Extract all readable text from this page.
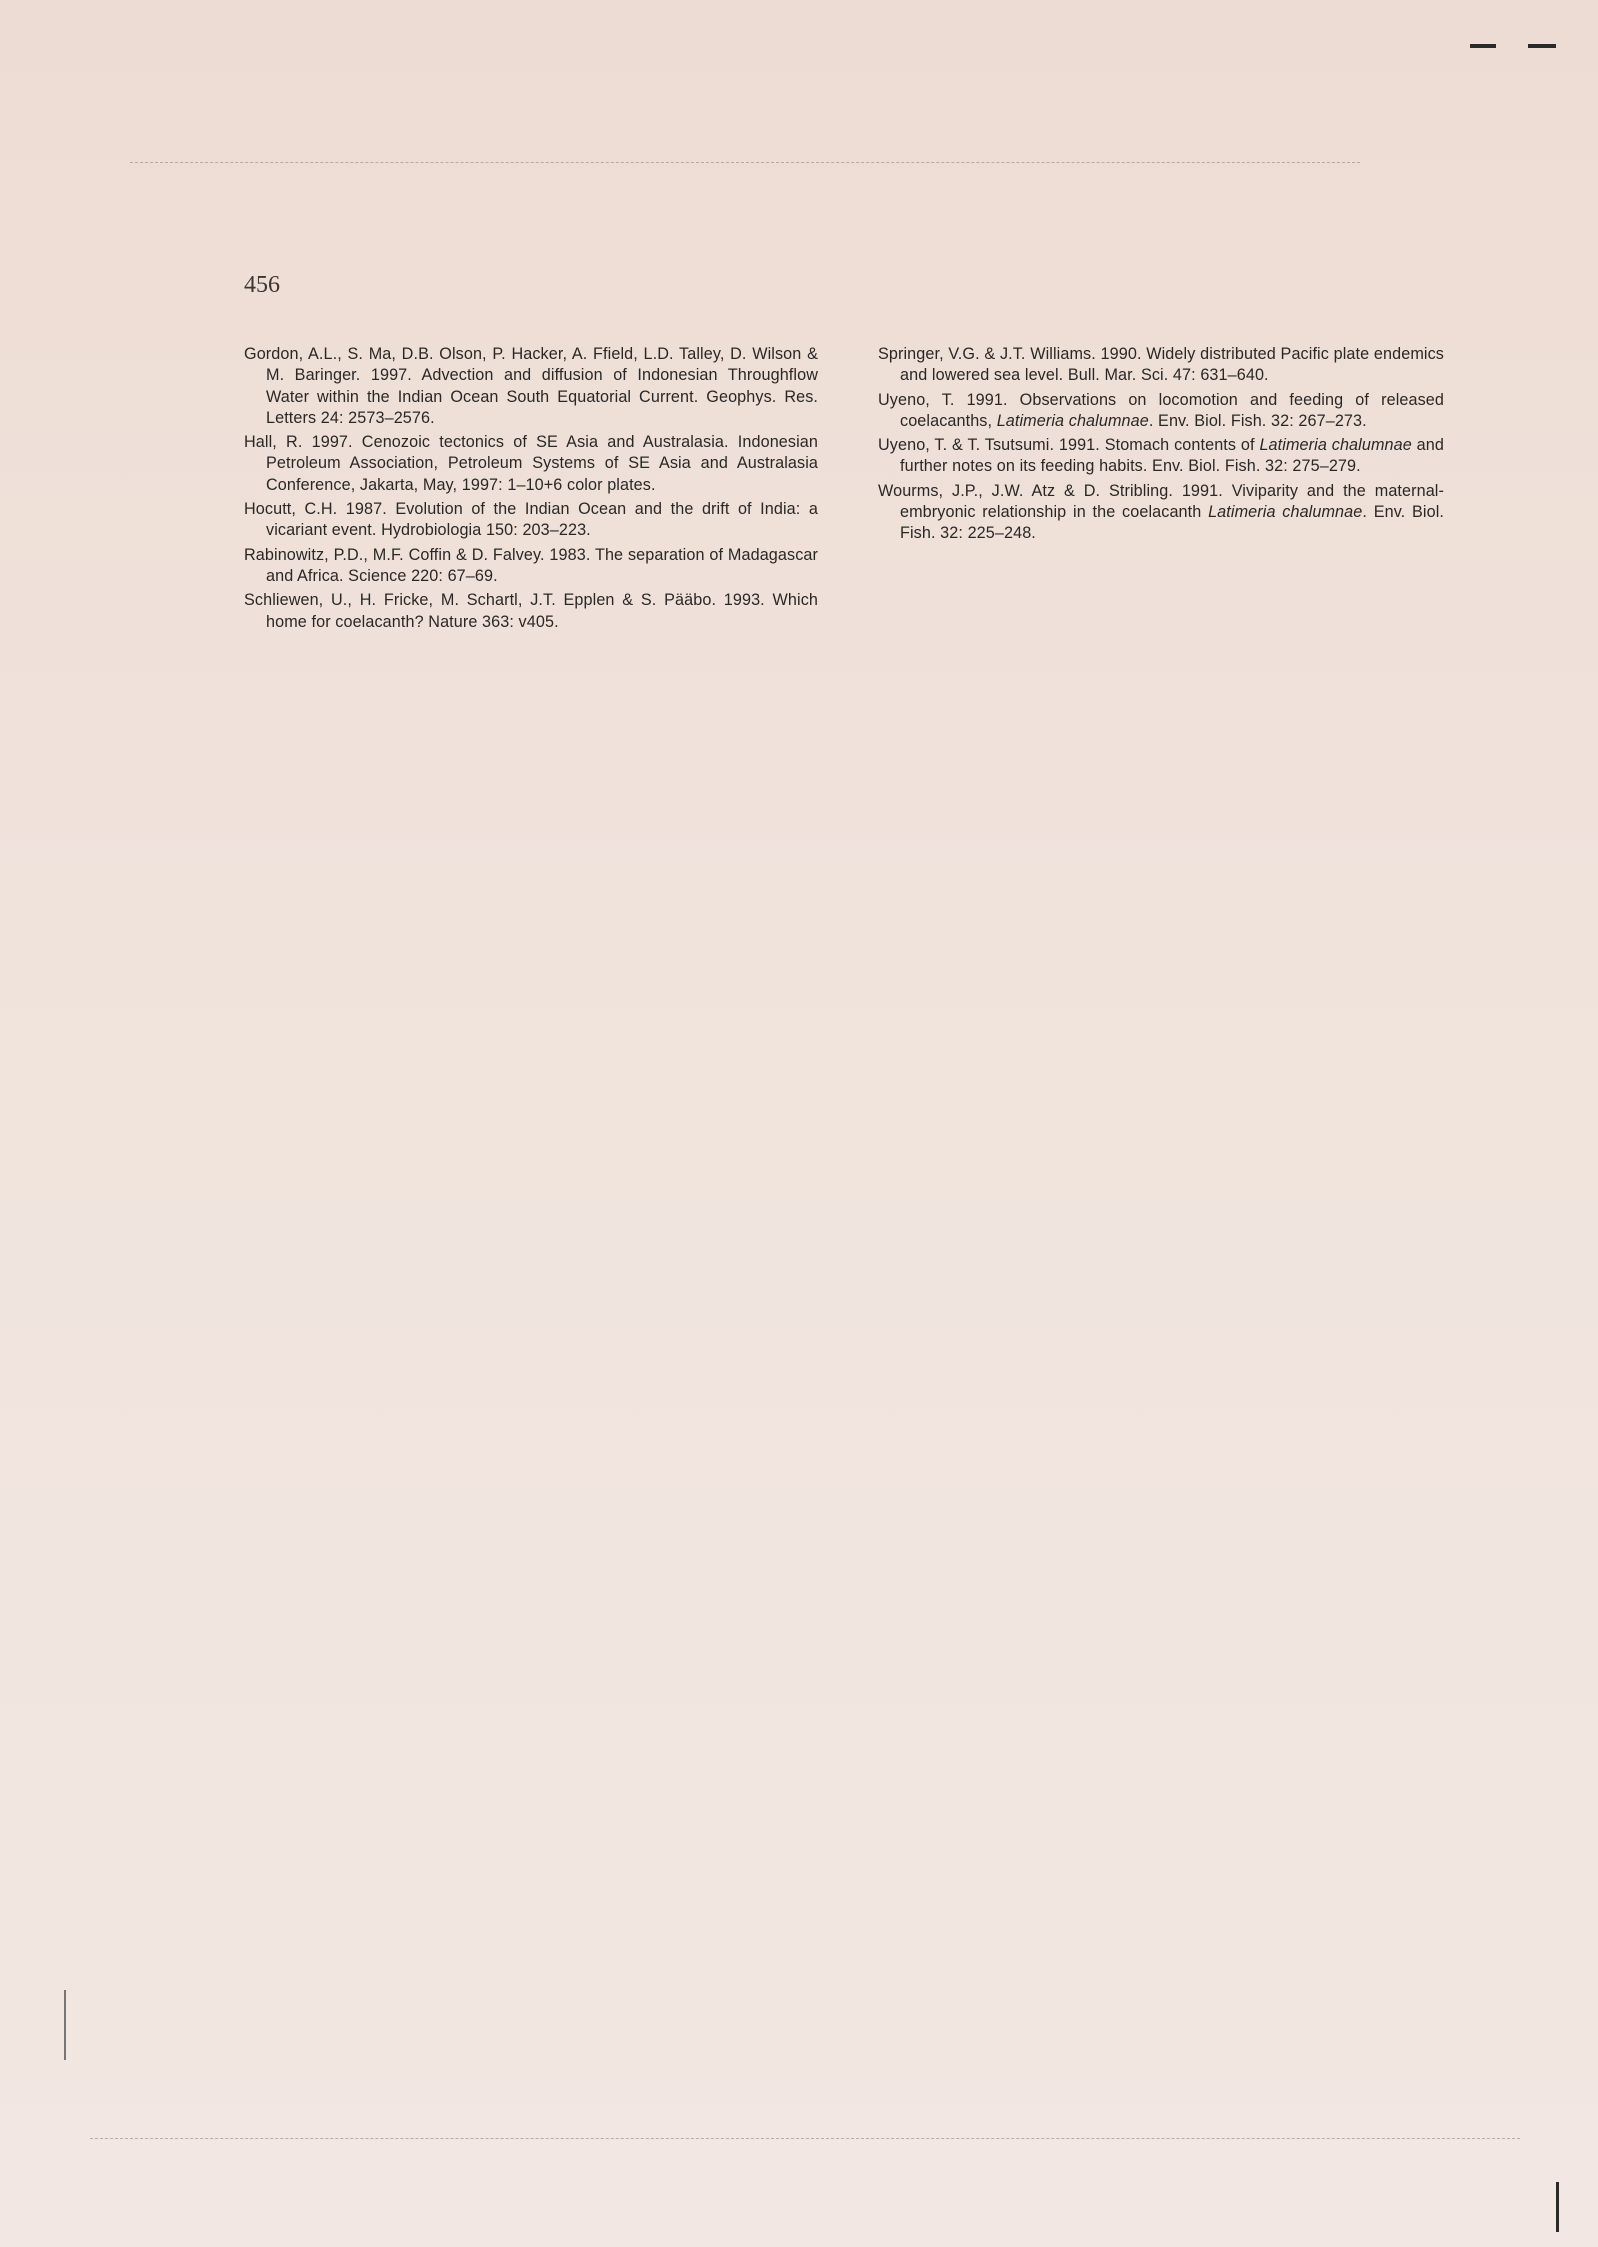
456

Gordon, A.L., S. Ma, D.B. Olson, P. Hacker, A. Ffield, L.D. Talley, D. Wilson & M. Baringer. 1997. Advection and diffusion of Indonesian Throughflow Water within the Indian Ocean South Equatorial Current. Geophys. Res. Letters 24: 2573–2576.

Hall, R. 1997. Cenozoic tectonics of SE Asia and Australasia. Indonesian Petroleum Association, Petroleum Systems of SE Asia and Australasia Conference, Jakarta, May, 1997: 1–10+6 color plates.

Hocutt, C.H. 1987. Evolution of the Indian Ocean and the drift of India: a vicariant event. Hydrobiologia 150: 203–223.

Rabinowitz, P.D., M.F. Coffin & D. Falvey. 1983. The separation of Madagascar and Africa. Science 220: 67–69.

Schliewen, U., H. Fricke, M. Schartl, J.T. Epplen & S. Pääbo. 1993. Which home for coelacanth? Nature 363: v405.

Springer, V.G. & J.T. Williams. 1990. Widely distributed Pacific plate endemics and lowered sea level. Bull. Mar. Sci. 47: 631–640.

Uyeno, T. 1991. Observations on locomotion and feeding of released coelacanths, Latimeria chalumnae. Env. Biol. Fish. 32: 267–273.

Uyeno, T. & T. Tsutsumi. 1991. Stomach contents of Latimeria chalumnae and further notes on its feeding habits. Env. Biol. Fish. 32: 275–279.

Wourms, J.P., J.W. Atz & D. Stribling. 1991. Viviparity and the maternal-embryonic relationship in the coelacanth Latimeria chalumnae. Env. Biol. Fish. 32: 225–248.
